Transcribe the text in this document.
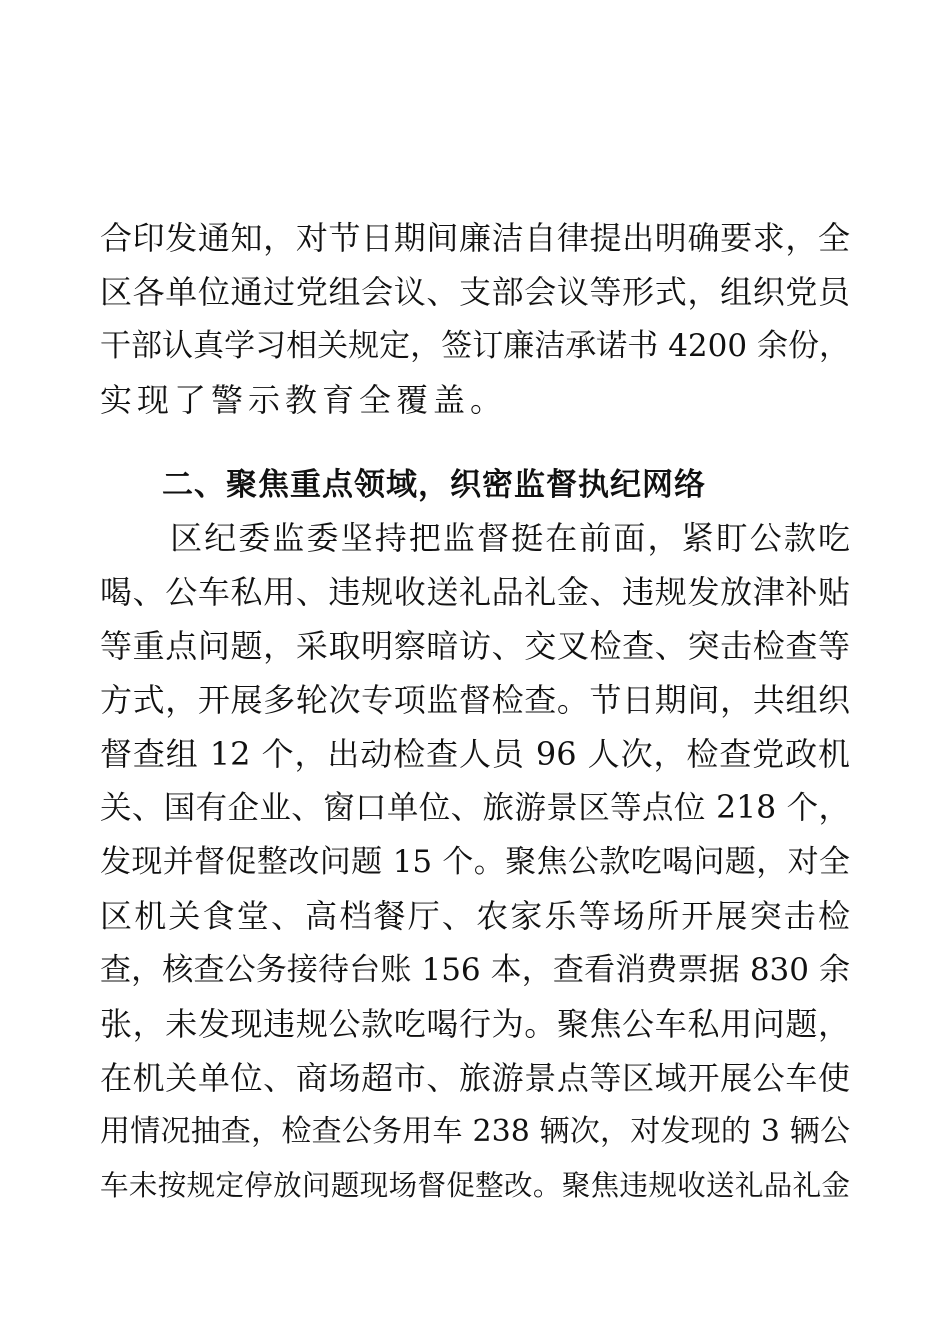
合印发通知，对节日期间廉洁自律提出明确要求，全
区各单位通过党组会议、支部会议等形式，组织党员
干部认真学习相关规定，签订廉洁承诺书 4200 余份，
实现了警示教育全覆盖。
二、聚焦重点领域，织密监督执纪网络
　区纪委监委坚持把监督挺在前面，紧盯公款吃
喝、公车私用、违规收送礼品礼金、违规发放津补贴
等重点问题，采取明察暗访、交叉检查、突击检查等
方式，开展多轮次专项监督检查。节日期间，共组织
督查组 12 个，出动检查人员 96 人次，检查党政机
关、国有企业、窗口单位、旅游景区等点位 218 个，
发现并督促整改问题 15 个。聚焦公款吃喝问题，对全
区机关食堂、高档餐厅、农家乐等场所开展突击检
查，核查公务接待台账 156 本，查看消费票据 830 余
张，未发现违规公款吃喝行为。聚焦公车私用问题，
在机关单位、商场超市、旅游景点等区域开展公车使
用情况抽查，检查公务用车 238 辆次，对发现的 3 辆公
车未按规定停放问题现场督促整改。聚焦违规收送礼品礼金
